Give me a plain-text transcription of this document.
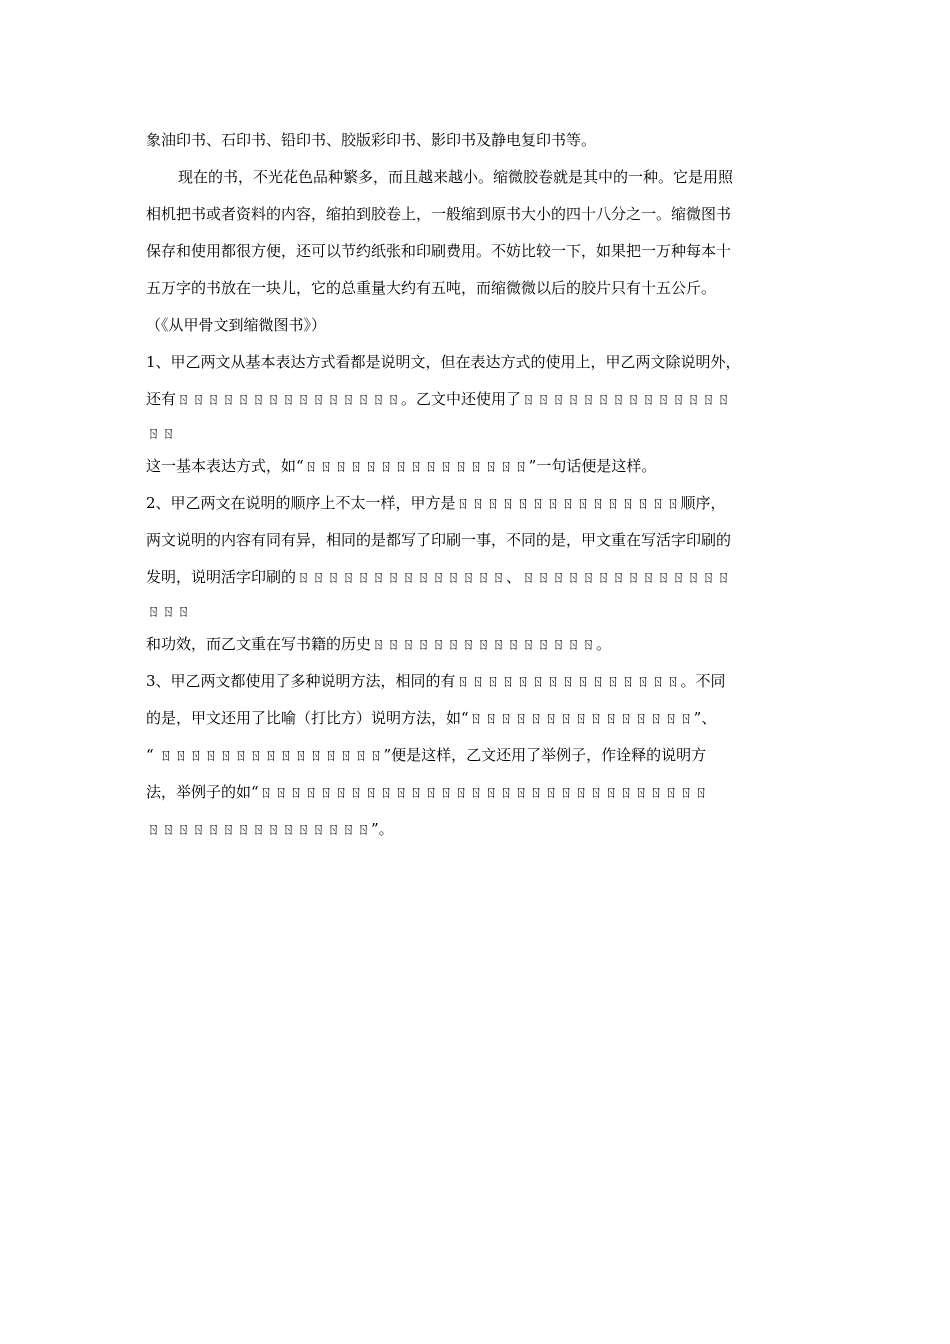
象油印书、石印书、铅印书、胶版彩印书、影印书及静电复印书等。
现在的书，不光花色品种繁多，而且越来越小。缩微胶卷就是其中的一种。它是用照
相机把书或者资料的内容，缩拍到胶卷上，一般缩到原书大小的四十八分之一。缩微图书
保存和使用都很方便，还可以节约纸张和印刷费用。不妨比较一下，如果把一万种每本十
五万字的书放在一块儿，它的总重量大约有五吨，而缩微微以后的胶片只有十五公斤。
（《从甲骨文到缩微图书》）
1、甲乙两文从基本表达方式看都是说明文，但在表达方式的使用上，甲乙两文除说明外，
还有ㄖㄖㄖㄖㄖㄖㄖㄖㄖㄖㄖㄖㄖㄖㄖ。乙文中还使用了ㄖㄖㄖㄖㄖㄖㄖㄖㄖㄖㄖㄖㄖㄖ
ㄖㄖ
这一基本表达方式，如“ㄖㄖㄖㄖㄖㄖㄖㄖㄖㄖㄖㄖㄖㄖㄖ”一句话便是这样。
2、甲乙两文在说明的顺序上不太一样，甲方是ㄖㄖㄖㄖㄖㄖㄖㄖㄖㄖㄖㄖㄖㄖㄖ顺序，
两文说明的内容有同有异，相同的是都写了印刷一事，不同的是，甲文重在写活字印刷的
发明，说明活字印刷的ㄖㄖㄖㄖㄖㄖㄖㄖㄖㄖㄖㄖㄖㄖ、ㄖㄖㄖㄖㄖㄖㄖㄖㄖㄖㄖㄖㄖㄖ
ㄖㄖㄖ
和功效，而乙文重在写书籍的历史ㄖㄖㄖㄖㄖㄖㄖㄖㄖㄖㄖㄖㄖㄖㄖ。
3、甲乙两文都使用了多种说明方法，相同的有ㄖㄖㄖㄖㄖㄖㄖㄖㄖㄖㄖㄖㄖㄖㄖ。不同
的是，甲文还用了比喻（打比方）说明方法，如“ㄖㄖㄖㄖㄖㄖㄖㄖㄖㄖㄖㄖㄖㄖㄖ”、
“ ㄖㄖㄖㄖㄖㄖㄖㄖㄖㄖㄖㄖㄖㄖㄖ”便是这样，乙文还用了举例子，作诠释的说明方
法，举例子的如“ㄖㄖㄖㄖㄖㄖㄖㄖㄖㄖㄖㄖㄖㄖㄖㄖㄖㄖㄖㄖㄖㄖㄖㄖㄖㄖㄖㄖㄖㄖ
ㄖㄖㄖㄖㄖㄖㄖㄖㄖㄖㄖㄖㄖㄖㄖ”。
